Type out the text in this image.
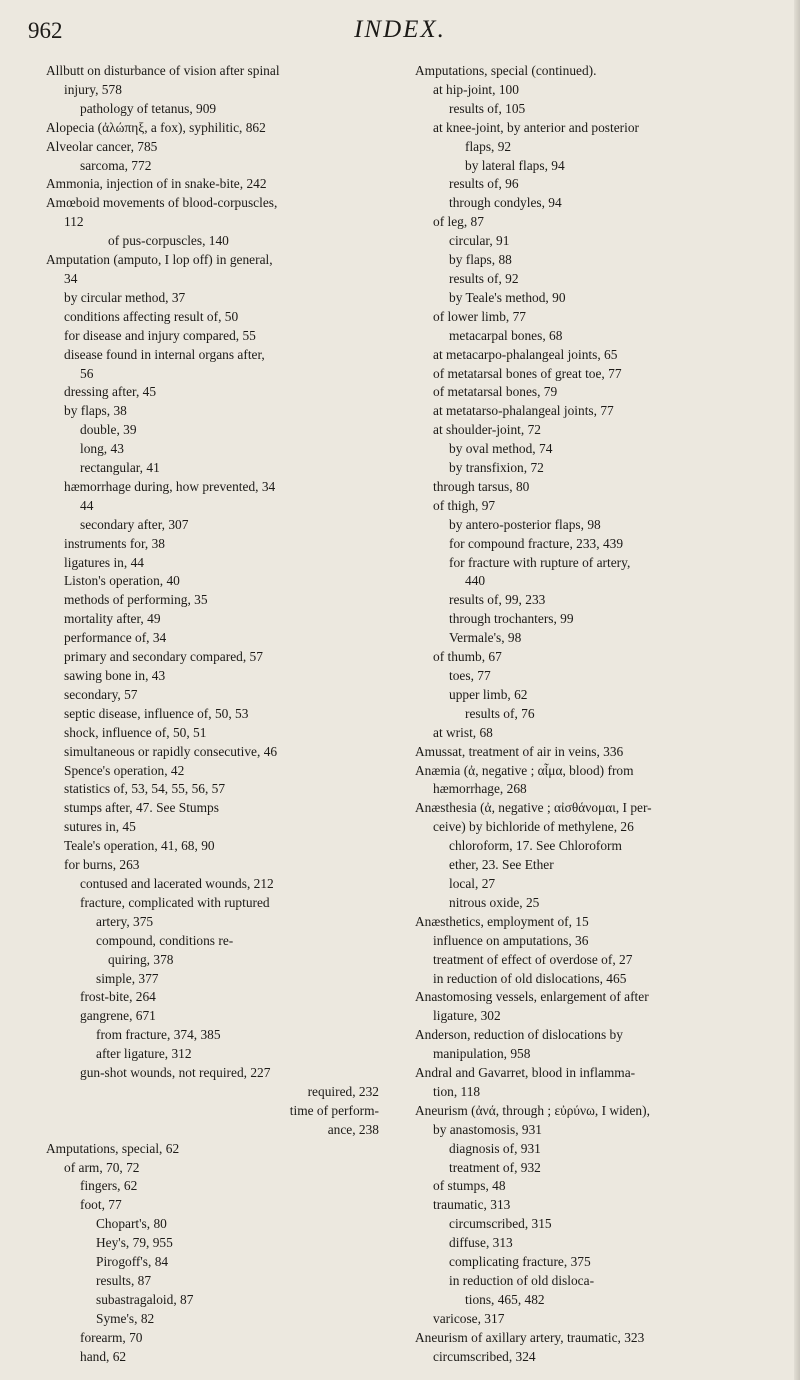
962	INDEX.
Allbutt on disturbance of vision after spinal
injury, 578
pathology of tetanus, 909
Alopecia (ἀλώπηξ, a fox), syphilitic, 862
Alveolar cancer, 785
sarcoma, 772
Ammonia, injection of in snake-bite, 242
Amœboid movements of blood-corpuscles,
112
of pus-corpuscles, 140
Amputation (amputo, I lop off) in general,
34
by circular method, 37
conditions affecting result of, 50
for disease and injury compared, 55
disease found in internal organs after,
56
dressing after, 45
by flaps, 38
double, 39
long, 43
rectangular, 41
hæmorrhage during, how prevented, 34
44
secondary after, 307
instruments for, 38
ligatures in, 44
Liston's operation, 40
methods of performing, 35
mortality after, 49
performance of, 34
primary and secondary compared, 57
sawing bone in, 43
secondary, 57
septic disease, influence of, 50, 53
shock, influence of, 50, 51
simultaneous or rapidly consecutive, 46
Spence's operation, 42
statistics of, 53, 54, 55, 56, 57
stumps after, 47. See Stumps
sutures in, 45
Teale's operation, 41, 68, 90
for burns, 263
contused and lacerated wounds, 212
fracture, complicated with ruptured
artery, 375
compound, conditions re-
quiring, 378
simple, 377
frost-bite, 264
gangrene, 671
from fracture, 374, 385
after ligature, 312
gun-shot wounds, not required, 227
required, 232
time of perform-
ance, 238
Amputations, special, 62
of arm, 70, 72
fingers, 62
foot, 77
Chopart's, 80
Hey's, 79, 955
Pirogoff's, 84
results, 87
subastragaloid, 87
Syme's, 82
forearm, 70
hand, 62
Amputations, special (continued).
at hip-joint, 100
results of, 105
at knee-joint, by anterior and posterior
flaps, 92
by lateral flaps, 94
results of, 96
through condyles, 94
of leg, 87
circular, 91
by flaps, 88
results of, 92
by Teale's method, 90
of lower limb, 77
metacarpal bones, 68
at metacarpo-phalangeal joints, 65
of metatarsal bones of great toe, 77
of metatarsal bones, 79
at metatarso-phalangeal joints, 77
at shoulder-joint, 72
by oval method, 74
by transfixion, 72
through tarsus, 80
of thigh, 97
by antero-posterior flaps, 98
for compound fracture, 233, 439
for fracture with rupture of artery,
440
results of, 99, 233
through trochanters, 99
Vermale's, 98
of thumb, 67
toes, 77
upper limb, 62
results of, 76
at wrist, 68
Amussat, treatment of air in veins, 336
Anæmia (ἀ, negative ; αἷμα, blood) from
hæmorrhage, 268
Anæsthesia (ἀ, negative ; αἰσθάνομαι, I per-
ceive) by bichloride of methylene, 26
chloroform, 17. See Chloroform
ether, 23. See Ether
local, 27
nitrous oxide, 25
Anæsthetics, employment of, 15
influence on amputations, 36
treatment of effect of overdose of, 27
in reduction of old dislocations, 465
Anastomosing vessels, enlargement of after
ligature, 302
Anderson, reduction of dislocations by
manipulation, 958
Andral and Gavarret, blood in inflamma-
tion, 118
Aneurism (ἀνά, through ; εὐρύνω, I widen),
by anastomosis, 931
diagnosis of, 931
treatment of, 932
of stumps, 48
traumatic, 313
circumscribed, 315
diffuse, 313
complicating fracture, 375
in reduction of old disloca-
tions, 465, 482
varicose, 317
Aneurism of axillary artery, traumatic, 323
circumscribed, 324
